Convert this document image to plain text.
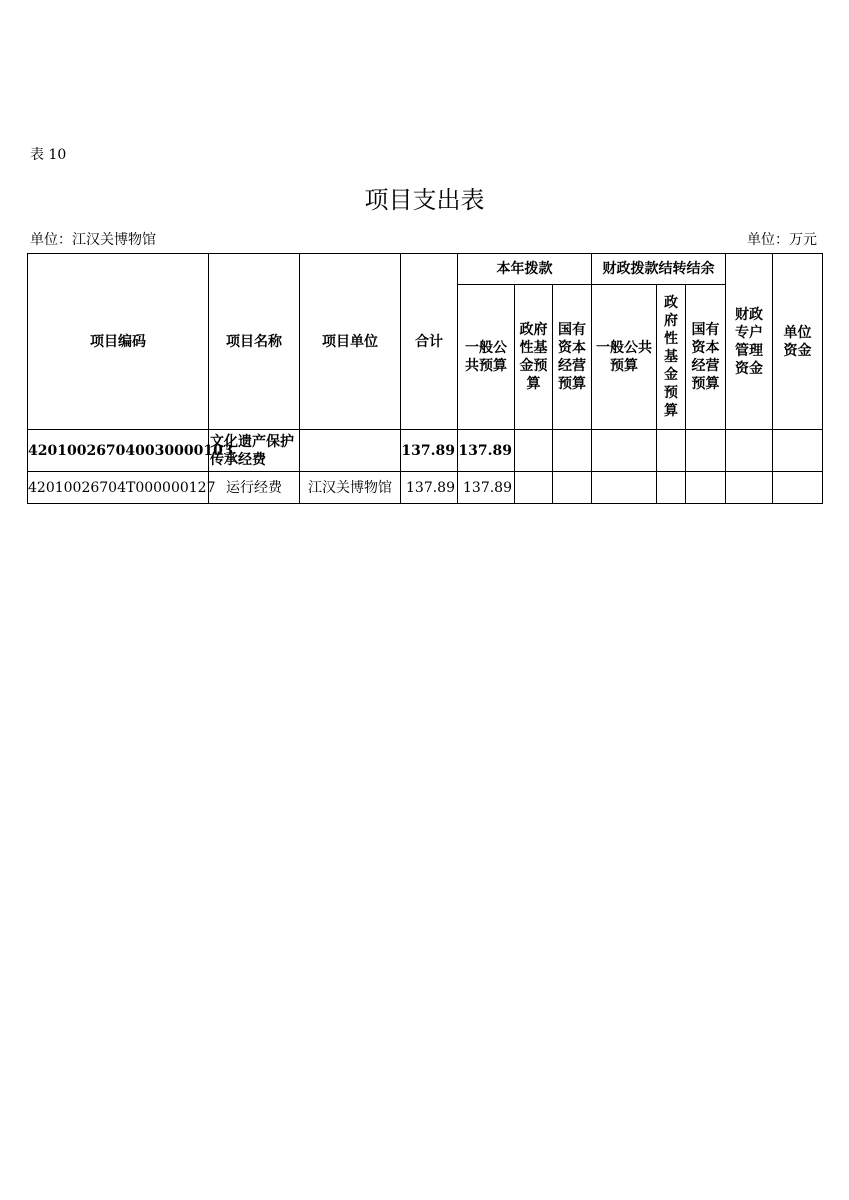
表 10
项目支出表
单位：江汉关博物馆	单位：万元
项目编码	项目名称	项目单位	合计	本年拨款			财政拨款结转结余			财政专户管理资金	单位资金
				一般公共预算	政府性基金预算	国有资本经营预算	一般公共预算	政府性基金预算	国有资本经营预算		
42010026704003000010З	文化遗产保护传承经费		137.89	137.89							
42010026704T000000127	运行经费	江汉关博物馆	137.89	137.89							
